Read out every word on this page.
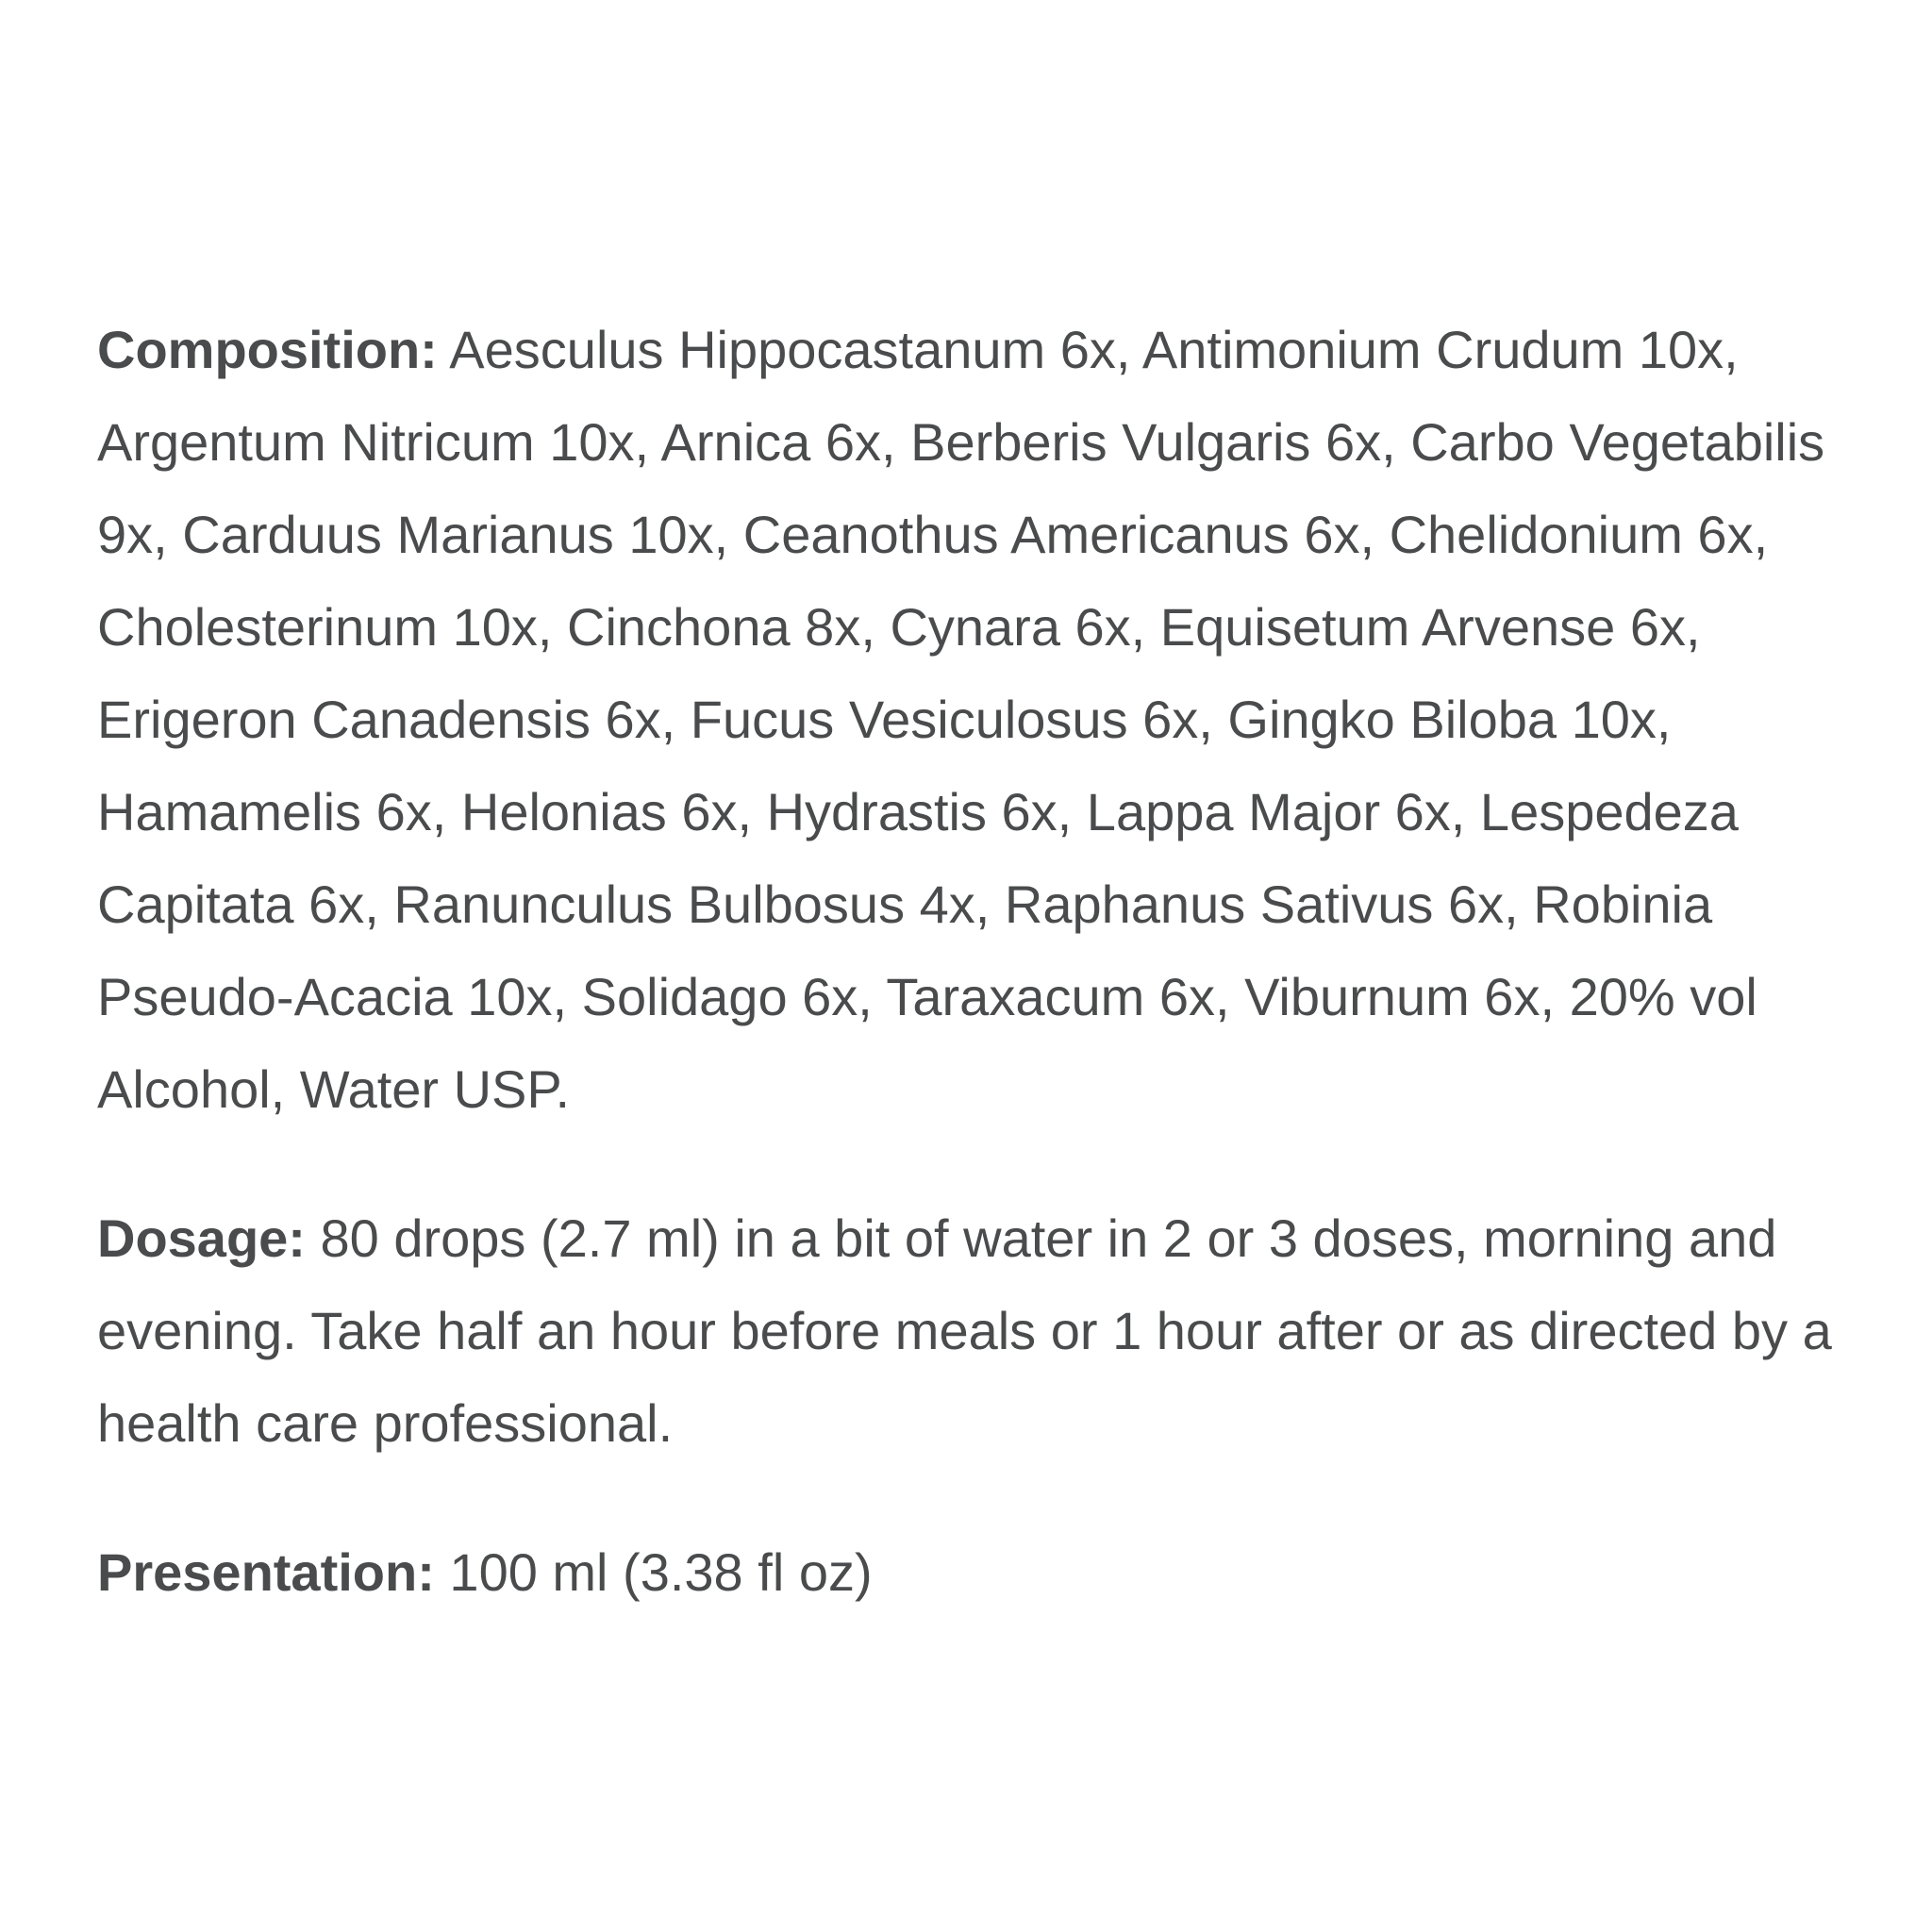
Composition: Aesculus Hippocastanum 6x, Antimonium Crudum 10x, Argentum Nitricum 10x, Arnica 6x, Berberis Vulgaris 6x, Carbo Vegetabilis 9x, Carduus Marianus 10x, Ceanothus Americanus 6x, Chelidonium 6x, Cholesterinum 10x, Cinchona 8x, Cynara 6x, Equisetum Arvense 6x, Erigeron Canadensis 6x, Fucus Vesiculosus 6x, Gingko Biloba 10x, Hamamelis 6x, Helonias 6x, Hydrastis 6x, Lappa Major 6x, Lespedeza Capitata 6x, Ranunculus Bulbosus 4x, Raphanus Sativus 6x, Robinia Pseudo-Acacia 10x, Solidago 6x, Taraxacum 6x, Viburnum 6x, 20% vol Alcohol, Water USP.

Dosage: 80 drops (2.7 ml) in a bit of water in 2 or 3 doses, morning and evening. Take half an hour before meals or 1 hour after or as directed by a health care professional.

Presentation: 100 ml (3.38 fl oz)
